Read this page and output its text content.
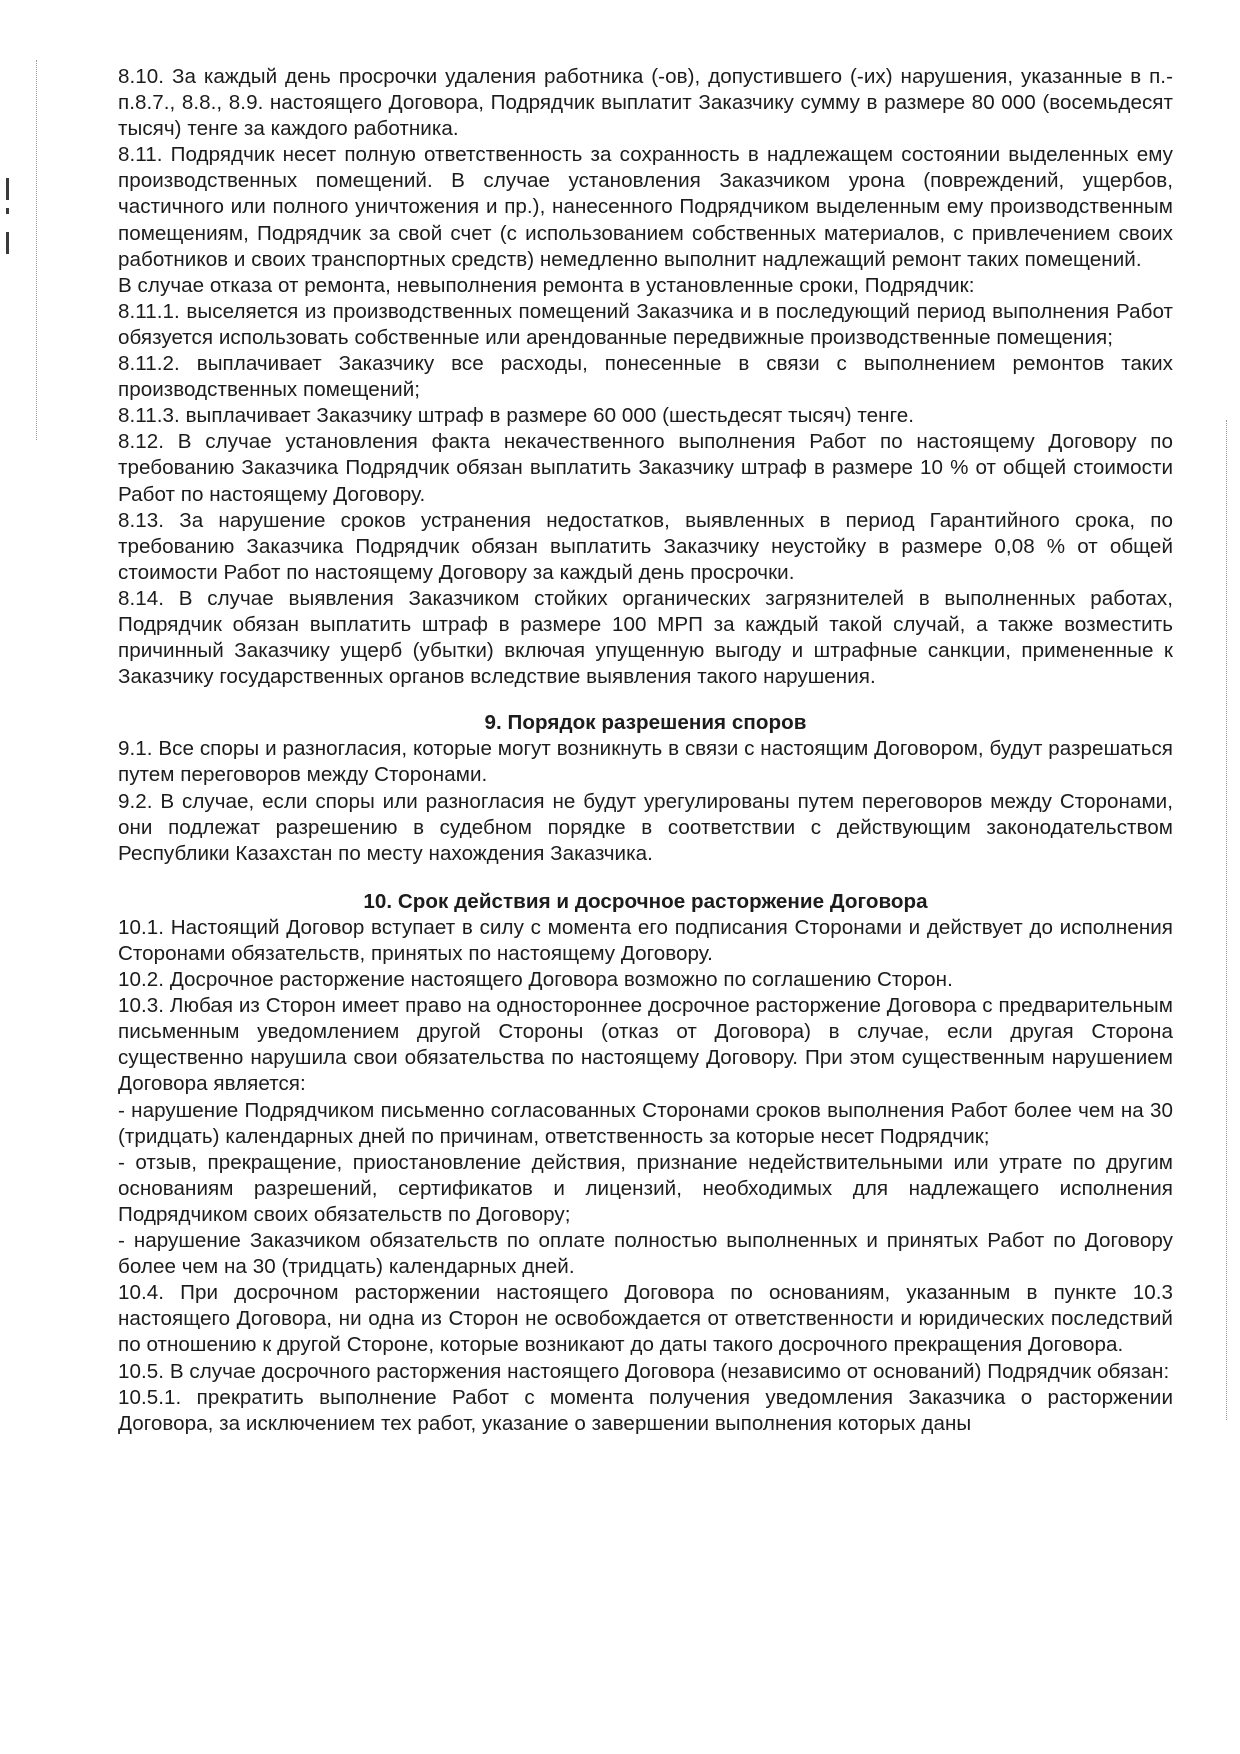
8.10. За каждый день просрочки удаления работника (-ов), допустившего (-их) нарушения, указанные в п.-п.8.7., 8.8., 8.9. настоящего Договора, Подрядчик выплатит Заказчику сумму в размере 80 000 (восемьдесят тысяч) тенге за каждого работника.

8.11. Подрядчик несет полную ответственность за сохранность в надлежащем состоянии выделенных ему производственных помещений. В случае установления Заказчиком урона (повреждений, ущербов, частичного или полного уничтожения и пр.), нанесенного Подрядчиком выделенным ему производственным помещениям, Подрядчик за свой счет (с использованием собственных материалов, с привлечением своих работников и своих транспортных средств) немедленно выполнит надлежащий ремонт таких помещений.

В случае отказа от ремонта, невыполнения ремонта в установленные сроки, Подрядчик:

8.11.1. выселяется из производственных помещений Заказчика и в последующий период выполнения Работ обязуется использовать собственные или арендованные передвижные производственные помещения;

8.11.2. выплачивает Заказчику все расходы, понесенные в связи с выполнением ремонтов таких производственных помещений;

8.11.3. выплачивает Заказчику штраф в размере 60 000 (шестьдесят тысяч) тенге.

8.12. В случае установления факта некачественного выполнения Работ по настоящему Договору по требованию Заказчика Подрядчик обязан выплатить Заказчику штраф в размере 10 % от общей стоимости Работ по настоящему Договору.

8.13. За нарушение сроков устранения недостатков, выявленных в период Гарантийного срока, по требованию Заказчика Подрядчик обязан выплатить Заказчику неустойку в размере 0,08 % от общей стоимости Работ по настоящему Договору за каждый день просрочки.

8.14. В случае выявления Заказчиком стойких органических загрязнителей в выполненных работах, Подрядчик обязан выплатить штраф в размере 100 МРП за каждый такой случай, а также возместить причинный Заказчику ущерб (убытки) включая упущенную выгоду и штрафные санкции, примененные к Заказчику государственных органов вследствие выявления такого нарушения.

9. Порядок разрешения споров

9.1. Все споры и разногласия, которые могут возникнуть в связи с настоящим Договором, будут разрешаться путем переговоров между Сторонами.

9.2. В случае, если споры или разногласия не будут урегулированы путем переговоров между Сторонами, они подлежат разрешению в судебном порядке в соответствии с действующим законодательством Республики Казахстан по месту нахождения Заказчика.

10. Срок действия и досрочное расторжение Договора

10.1. Настоящий Договор вступает в силу с момента его подписания Сторонами и действует до исполнения Сторонами обязательств, принятых по настоящему Договору.

10.2. Досрочное расторжение настоящего Договора возможно по соглашению Сторон.

10.3. Любая из Сторон имеет право на одностороннее досрочное расторжение Договора с предварительным письменным уведомлением другой Стороны (отказ от Договора) в случае, если другая Сторона существенно нарушила свои обязательства по настоящему Договору. При этом существенным нарушением Договора является:

- нарушение Подрядчиком письменно согласованных Сторонами сроков выполнения Работ более чем на 30 (тридцать) календарных дней по причинам, ответственность за которые несет Подрядчик;

- отзыв, прекращение, приостановление действия, признание недействительными или утрате по другим основаниям разрешений, сертификатов и лицензий, необходимых для надлежащего исполнения Подрядчиком своих обязательств по Договору;

- нарушение Заказчиком обязательств по оплате полностью выполненных и принятых Работ по Договору более чем на 30 (тридцать) календарных дней.

10.4. При досрочном расторжении настоящего Договора по основаниям, указанным в пункте 10.3 настоящего Договора, ни одна из Сторон не освобождается от ответственности и юридических последствий по отношению к другой Стороне, которые возникают до даты такого досрочного прекращения Договора.

10.5. В случае досрочного расторжения настоящего Договора (независимо от оснований) Подрядчик обязан:

10.5.1. прекратить выполнение Работ с момента получения уведомления Заказчика о расторжении Договора, за исключением тех работ, указание о завершении выполнения которых даны
